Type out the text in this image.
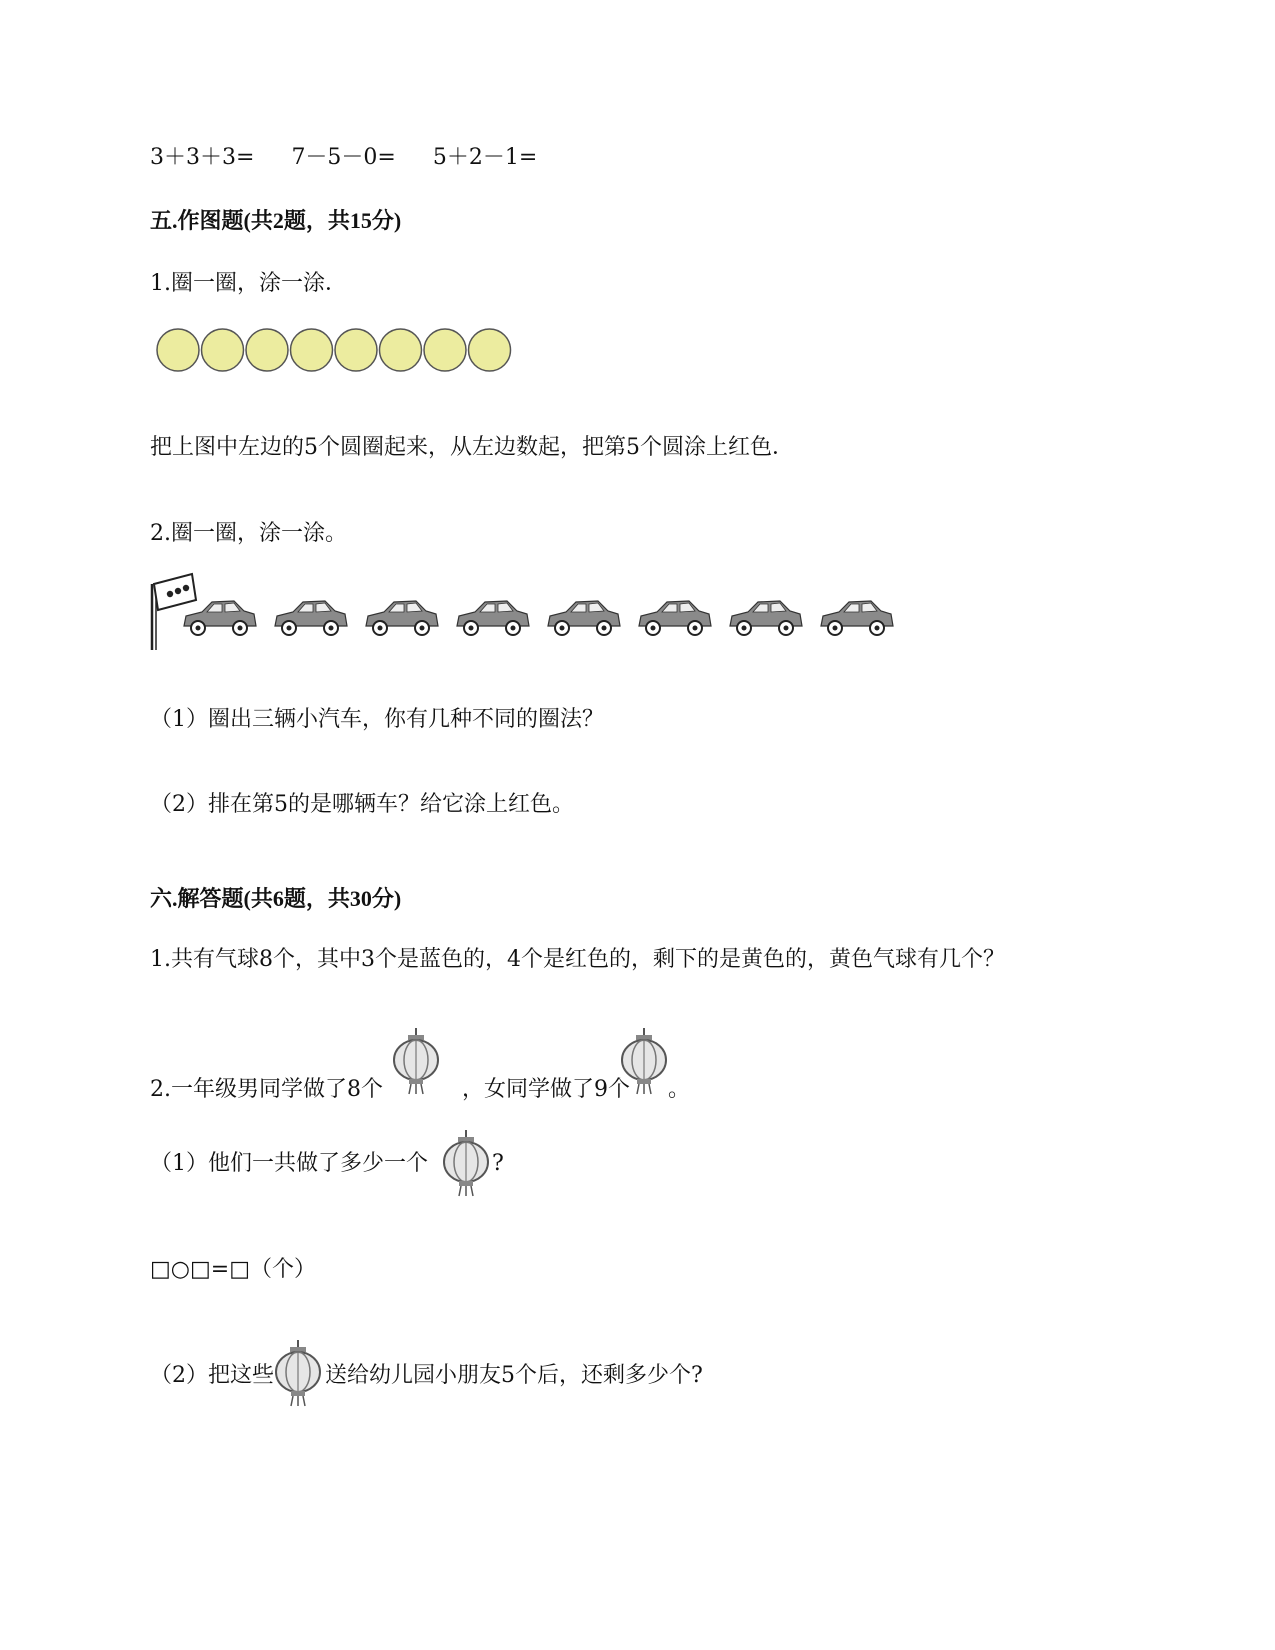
3＋3＋3= 7－5－0= 5＋2－1=
五.作图题(共2题，共15分)
1.圈一圈，涂一涂．
把上图中左边的5个圆圈起来，从左边数起，把第5个圆涂上红色．
2.圈一圈，涂一涂。
（1）圈出三辆小汽车，你有几种不同的圈法？
（2）排在第5的是哪辆车？给它涂上红色。
六.解答题(共6题，共30分)
1.共有气球8个，其中3个是蓝色的，4个是红色的，剩下的是黄色的，黄色气球有几个？
2.一年级男同学做了8个	，女同学做了9个 。
（1）他们一共做了多少一个	?
□○□=□（个）
（2）把这些 送给幼儿园小朋友5个后，还剩多少个?
